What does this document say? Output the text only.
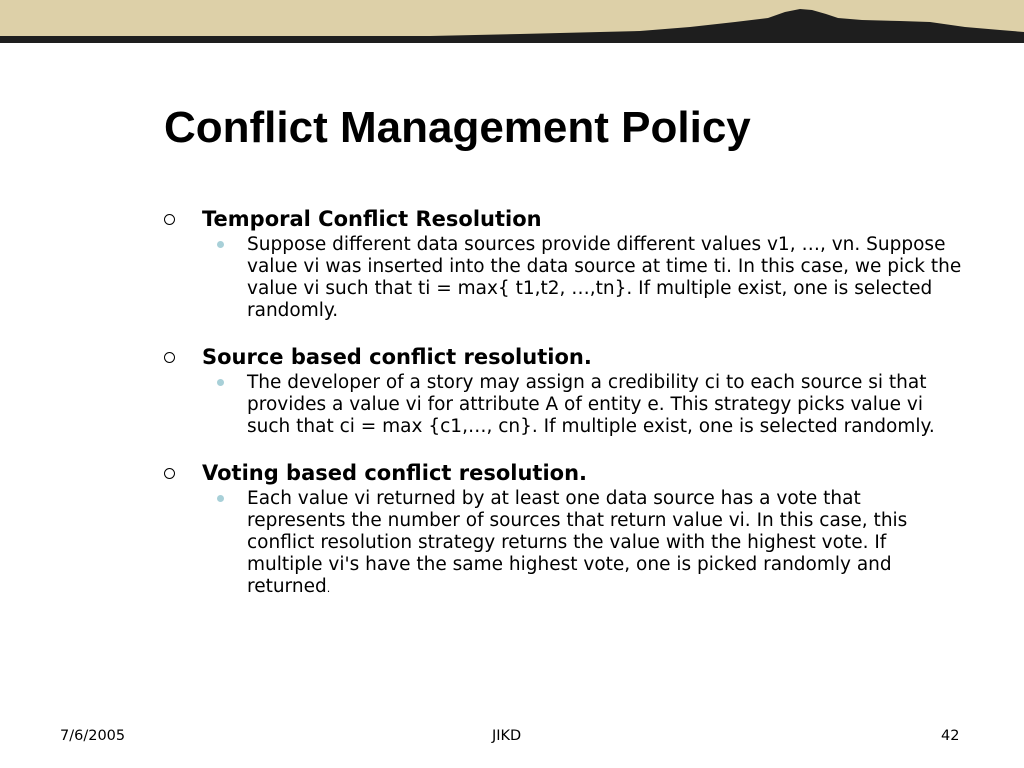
Conflict Management Policy
Temporal Conflict Resolution
Suppose different data sources provide different values v1, …, vn. Suppose value vi was inserted into the data source at time ti. In this case, we pick the value vi such that ti = max{ t1,t2, …,tn}. If multiple exist, one is selected randomly.
Source based conflict resolution.
The developer of a story may assign a credibility ci to each source si that provides a value vi for attribute A of entity e. This strategy picks value vi such that ci = max {c1,…, cn}. If multiple exist, one is selected randomly.
Voting based conflict resolution.
Each value vi returned by at least one data source has a vote that represents the number of sources that return value vi. In this case, this conflict resolution strategy returns the value with the highest vote. If multiple vi's have the same highest vote, one is picked randomly and returned.
7/6/2005	JIKD	42
